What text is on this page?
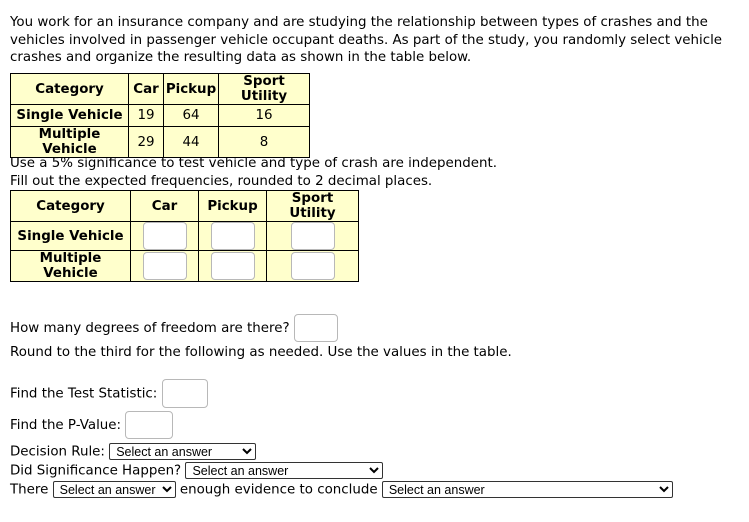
You work for an insurance company and are studying the relationship between types of crashes and the vehicles involved in passenger vehicle occupant deaths. As part of the study, you randomly select vehicle crashes and organize the resulting data as shown in the table below.
Category	Car	Pickup	Sport Utility
Single Vehicle	19	64	16
Multiple Vehicle	29	44	8
Use a 5% significance to test vehicle and type of crash are independent.
Fill out the expected frequencies, rounded to 2 decimal places.
Category	Car	Pickup	Sport Utility
Single Vehicle			
Multiple Vehicle			
How many degrees of freedom are there?
Round to the third for the following as needed. Use the values in the table.
Find the Test Statistic:
Find the P-Value:
Decision Rule:
Select an answer
Did Significance Happen?
Select an answer
There
Select an answer	enough evidence to conclude
Select an answer
